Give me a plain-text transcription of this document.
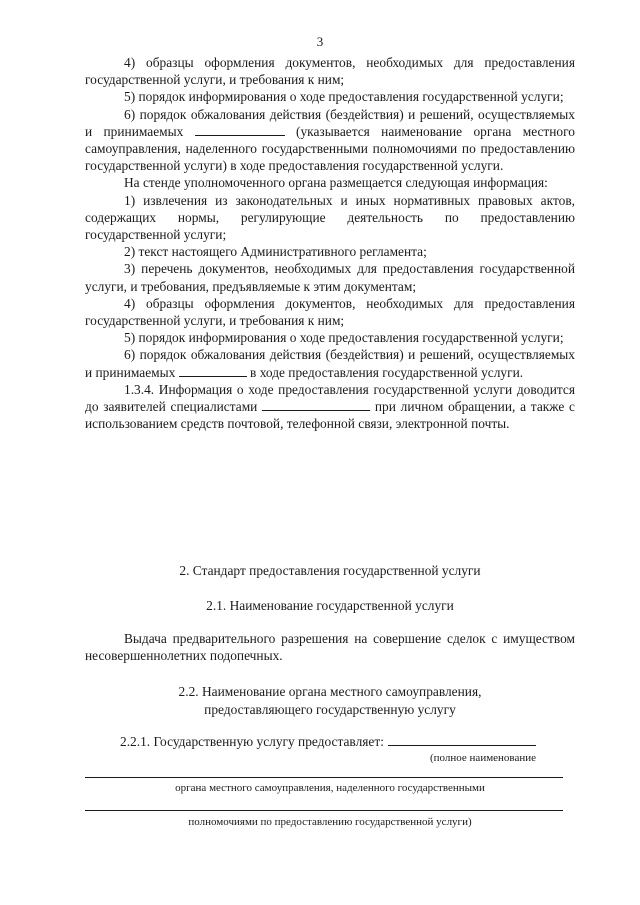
3

4) образцы оформления документов, необходимых для предоставления государственной услуги, и требования к ним;

5) порядок информирования о ходе предоставления государственной услуги;

6) порядок обжалования действия (бездействия) и решений, осуществляемых и принимаемых	(указывается наименование органа местного самоуправления, наделенного государственными полномочиями по предоставлению государственной услуги) в ходе предоставления государственной услуги.

На стенде уполномоченного органа размещается следующая информация:

1) извлечения из законодательных и иных нормативных правовых актов, содержащих нормы, регулирующие деятельность по предоставлению государственной услуги;

2) текст настоящего Административного регламента;

3) перечень документов, необходимых для предоставления государственной услуги, и требования, предъявляемые к этим документам;

4) образцы оформления документов, необходимых для предоставления государственной услуги, и требования к ним;

5) порядок информирования о ходе предоставления государственной услуги;

6) порядок обжалования действия (бездействия) и решений, осуществляемых и принимаемых	в ходе предоставления государственной услуги.

1.3.4. Информация о ходе предоставления государственной услуги доводится до заявителей специалистами	при личном обращении, а также с использованием средств почтовой, телефонной связи, электронной почты.

2. Стандарт предоставления государственной услуги
2.1. Наименование государственной услуги

Выдача предварительного разрешения на совершение сделок с имуществом несовершеннолетних подопечных.

2.2. Наименование органа местного самоуправления,
предоставляющего государственную услугу

2.2.1. Государственную услугу предоставляет:

(полное наименование
органа местного самоуправления, наделенного государственными
полномочиями по предоставлению государственной услуги)
